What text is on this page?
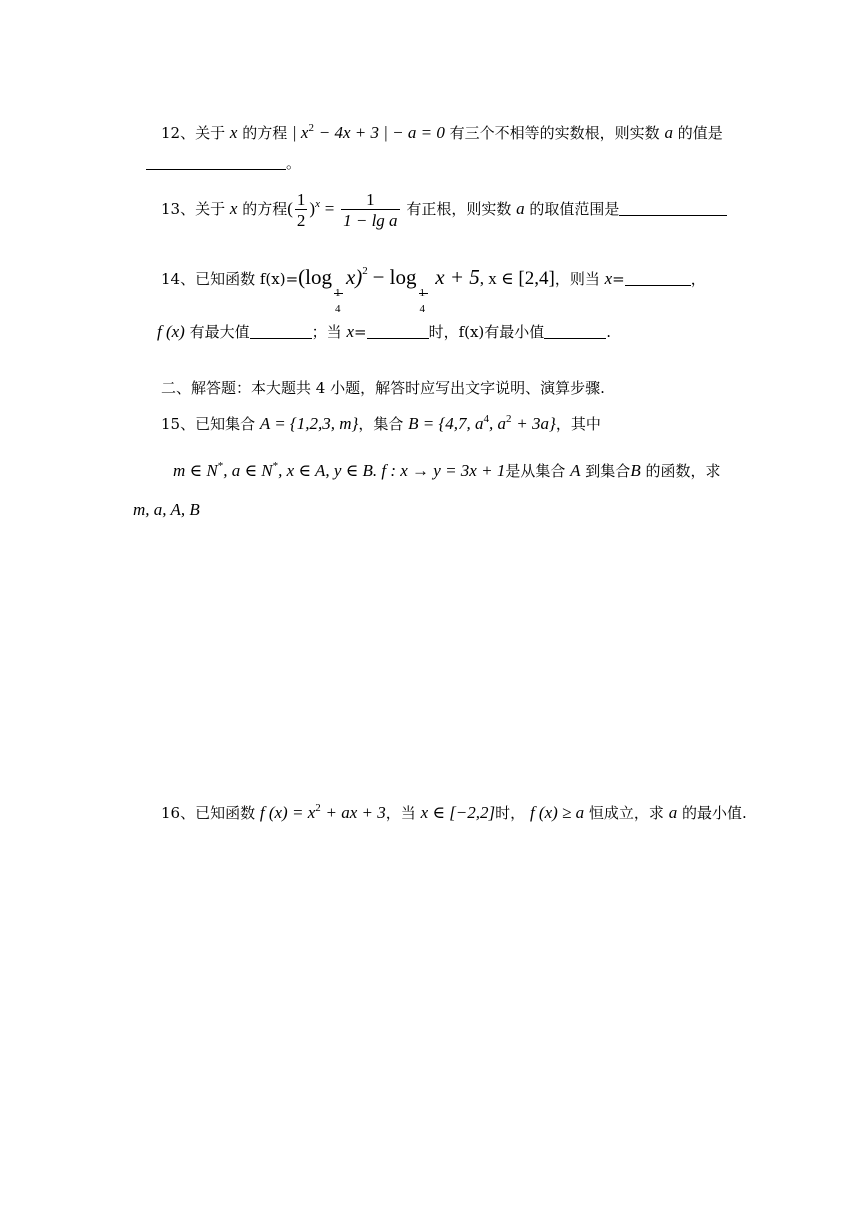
12、关于 x 的方程 | $x^2 - 4x + 3$ | − a = 0 有三个不相等的实数根，则实数 a 的值是
。
13、关于 x 的方程( $\frac{1}{2} )^x = \frac{1}{\text{1 − lg a}}$ 有正根，则实数 a 的取值范围是
14、已知函数 f(x)=(log
1
4
x)$^2$ − log
1
4
x + 5, x ∈ [2,4]，则当 x=	，
f (x) 有最大值	；当 x=	时，f(x)有最小值	.
二、解答题：本大题共 4 小题，解答时应写出文字说明、演算步骤.
15、已知集合 A = {1,2,3, m}，集合 B = {4,7, $a^4$, $a^2 + 3a$}，其中
m ∈ N*, a ∈ N*, x ∈ A, y ∈ B. f : x → y = 3x + 1是从集合 A 到集合B 的函数，求
m, a, A, B
16、已知函数 f $(x) = x^2$ + ax + 3，当 x ∈ [−2,2]时， f (x) ≥ a 恒成立，求 a 的最小值.
